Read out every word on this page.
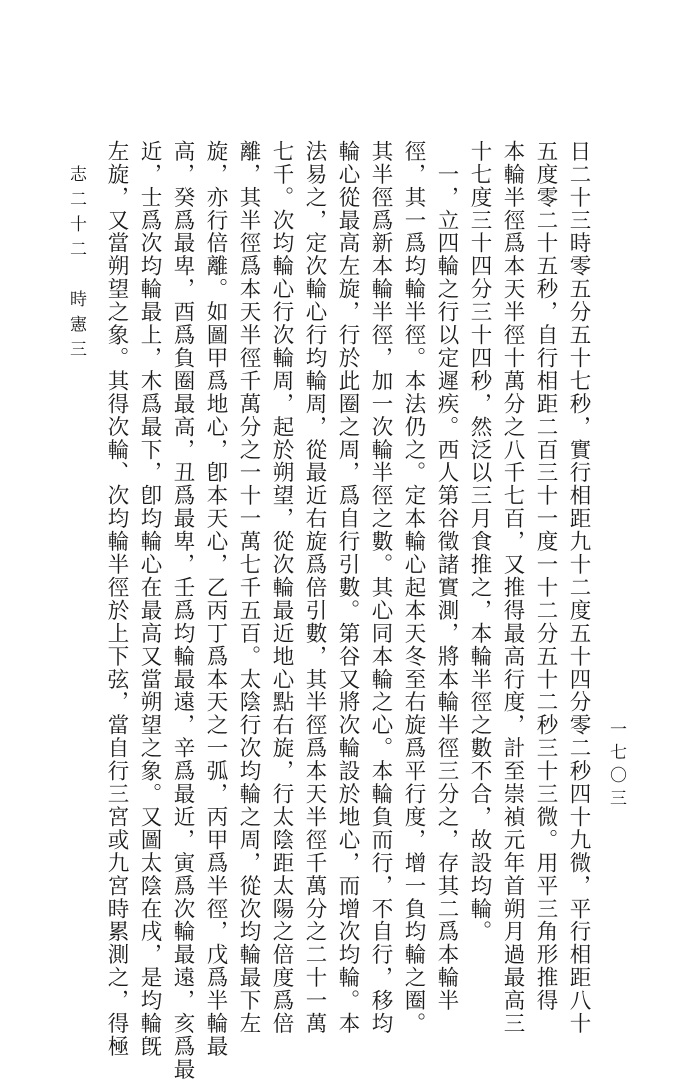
志二十二　時憲三
一七〇三
日二十三時零五分五十七秒，實行相距九十二度五十四分零二秒四十九微，平行相距八十
五度零二十五秒，自行相距二百三十一度一十二分五十二秒三十三微。用平三角形推得
本輪半徑爲本天半徑十萬分之八千七百，又推得最高行度，計至崇禎元年首朔月過最高三
十七度三十四分三十四秒，然泛以三月食推之，本輪半徑之數不合，故設均輪。
　一，立四輪之行以定遲疾。西人第谷徵諸實測，將本輪半徑三分之，存其二爲本輪半
徑，其一爲均輪半徑。本法仍之。定本輪心起本天冬至右旋爲平行度，增一負均輪之圈。
其半徑爲新本輪半徑，加一次輪半徑之數。其心同本輪之心。本輪負而行，不自行，移均
輪心從最高左旋，行於此圈之周，爲自行引數。第谷又將次輪設於地心，而增次均輪。本
法易之，定次輪心行均輪周，從最近右旋爲倍引數，其半徑爲本天半徑千萬分之二十一萬
七千。次均輪心行次輪周，起於朔望，從次輪最近地心點右旋，行太陰距太陽之倍度爲倍
離，其半徑爲本天半徑千萬分之一十一萬七千五百。太陰行次均輪之周，從次均輪最下左
旋，亦行倍離。如圖甲爲地心，卽本天心，乙丙丁爲本天之一弧，丙甲爲半徑，戊爲半輪最
高，癸爲最卑，酉爲負圈最高，丑爲最卑，壬爲均輪最遠，辛爲最近，寅爲次輪最遠，亥爲最
近，士爲次均輪最上，木爲最下，卽均輪心在最高又當朔望之象。又圖太陰在戌，是均輪旣
左旋，又當朔望之象。其得次輪、次均輪半徑於上下弦，當自行三宮或九宮時累測之，得極
